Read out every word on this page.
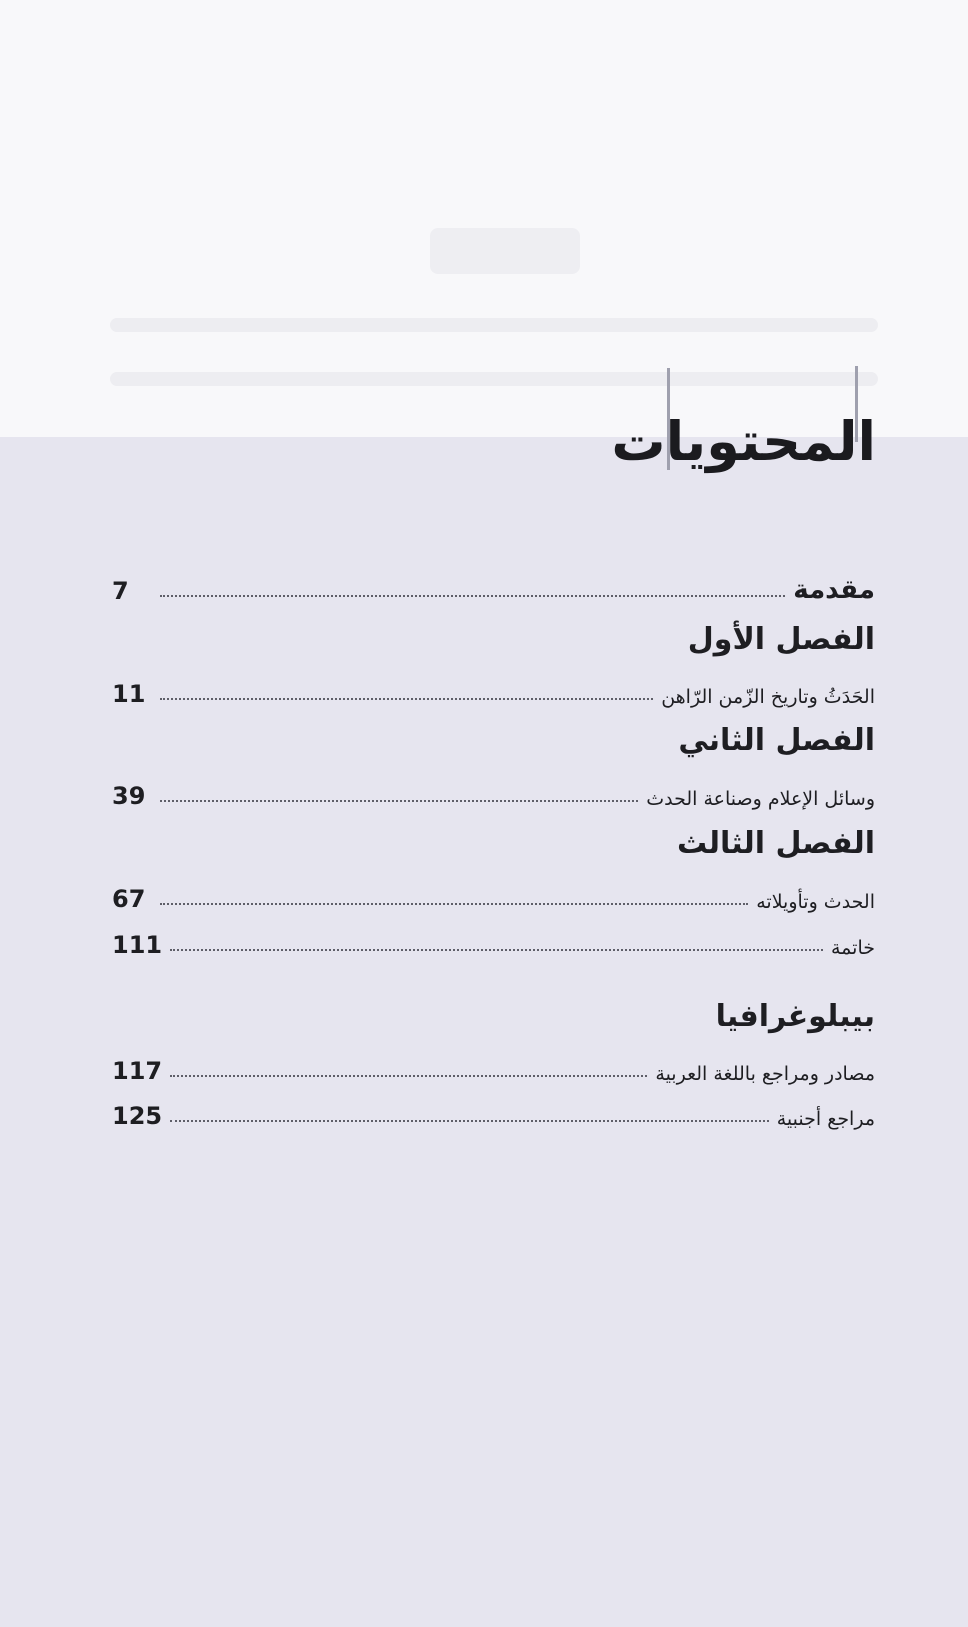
المحتويات
مقدمة
7
الفصل الأول
الحَدَثُ وتاريخ الزّمن الرّاهن
11
الفصل الثاني
وسائل الإعلام وصناعة الحدث
39
الفصل الثالث
الحدث وتأويلاته
67
خاتمة
111
بيبلوغرافيا
مصادر ومراجع باللغة العربية
117
مراجع أجنبية
125
